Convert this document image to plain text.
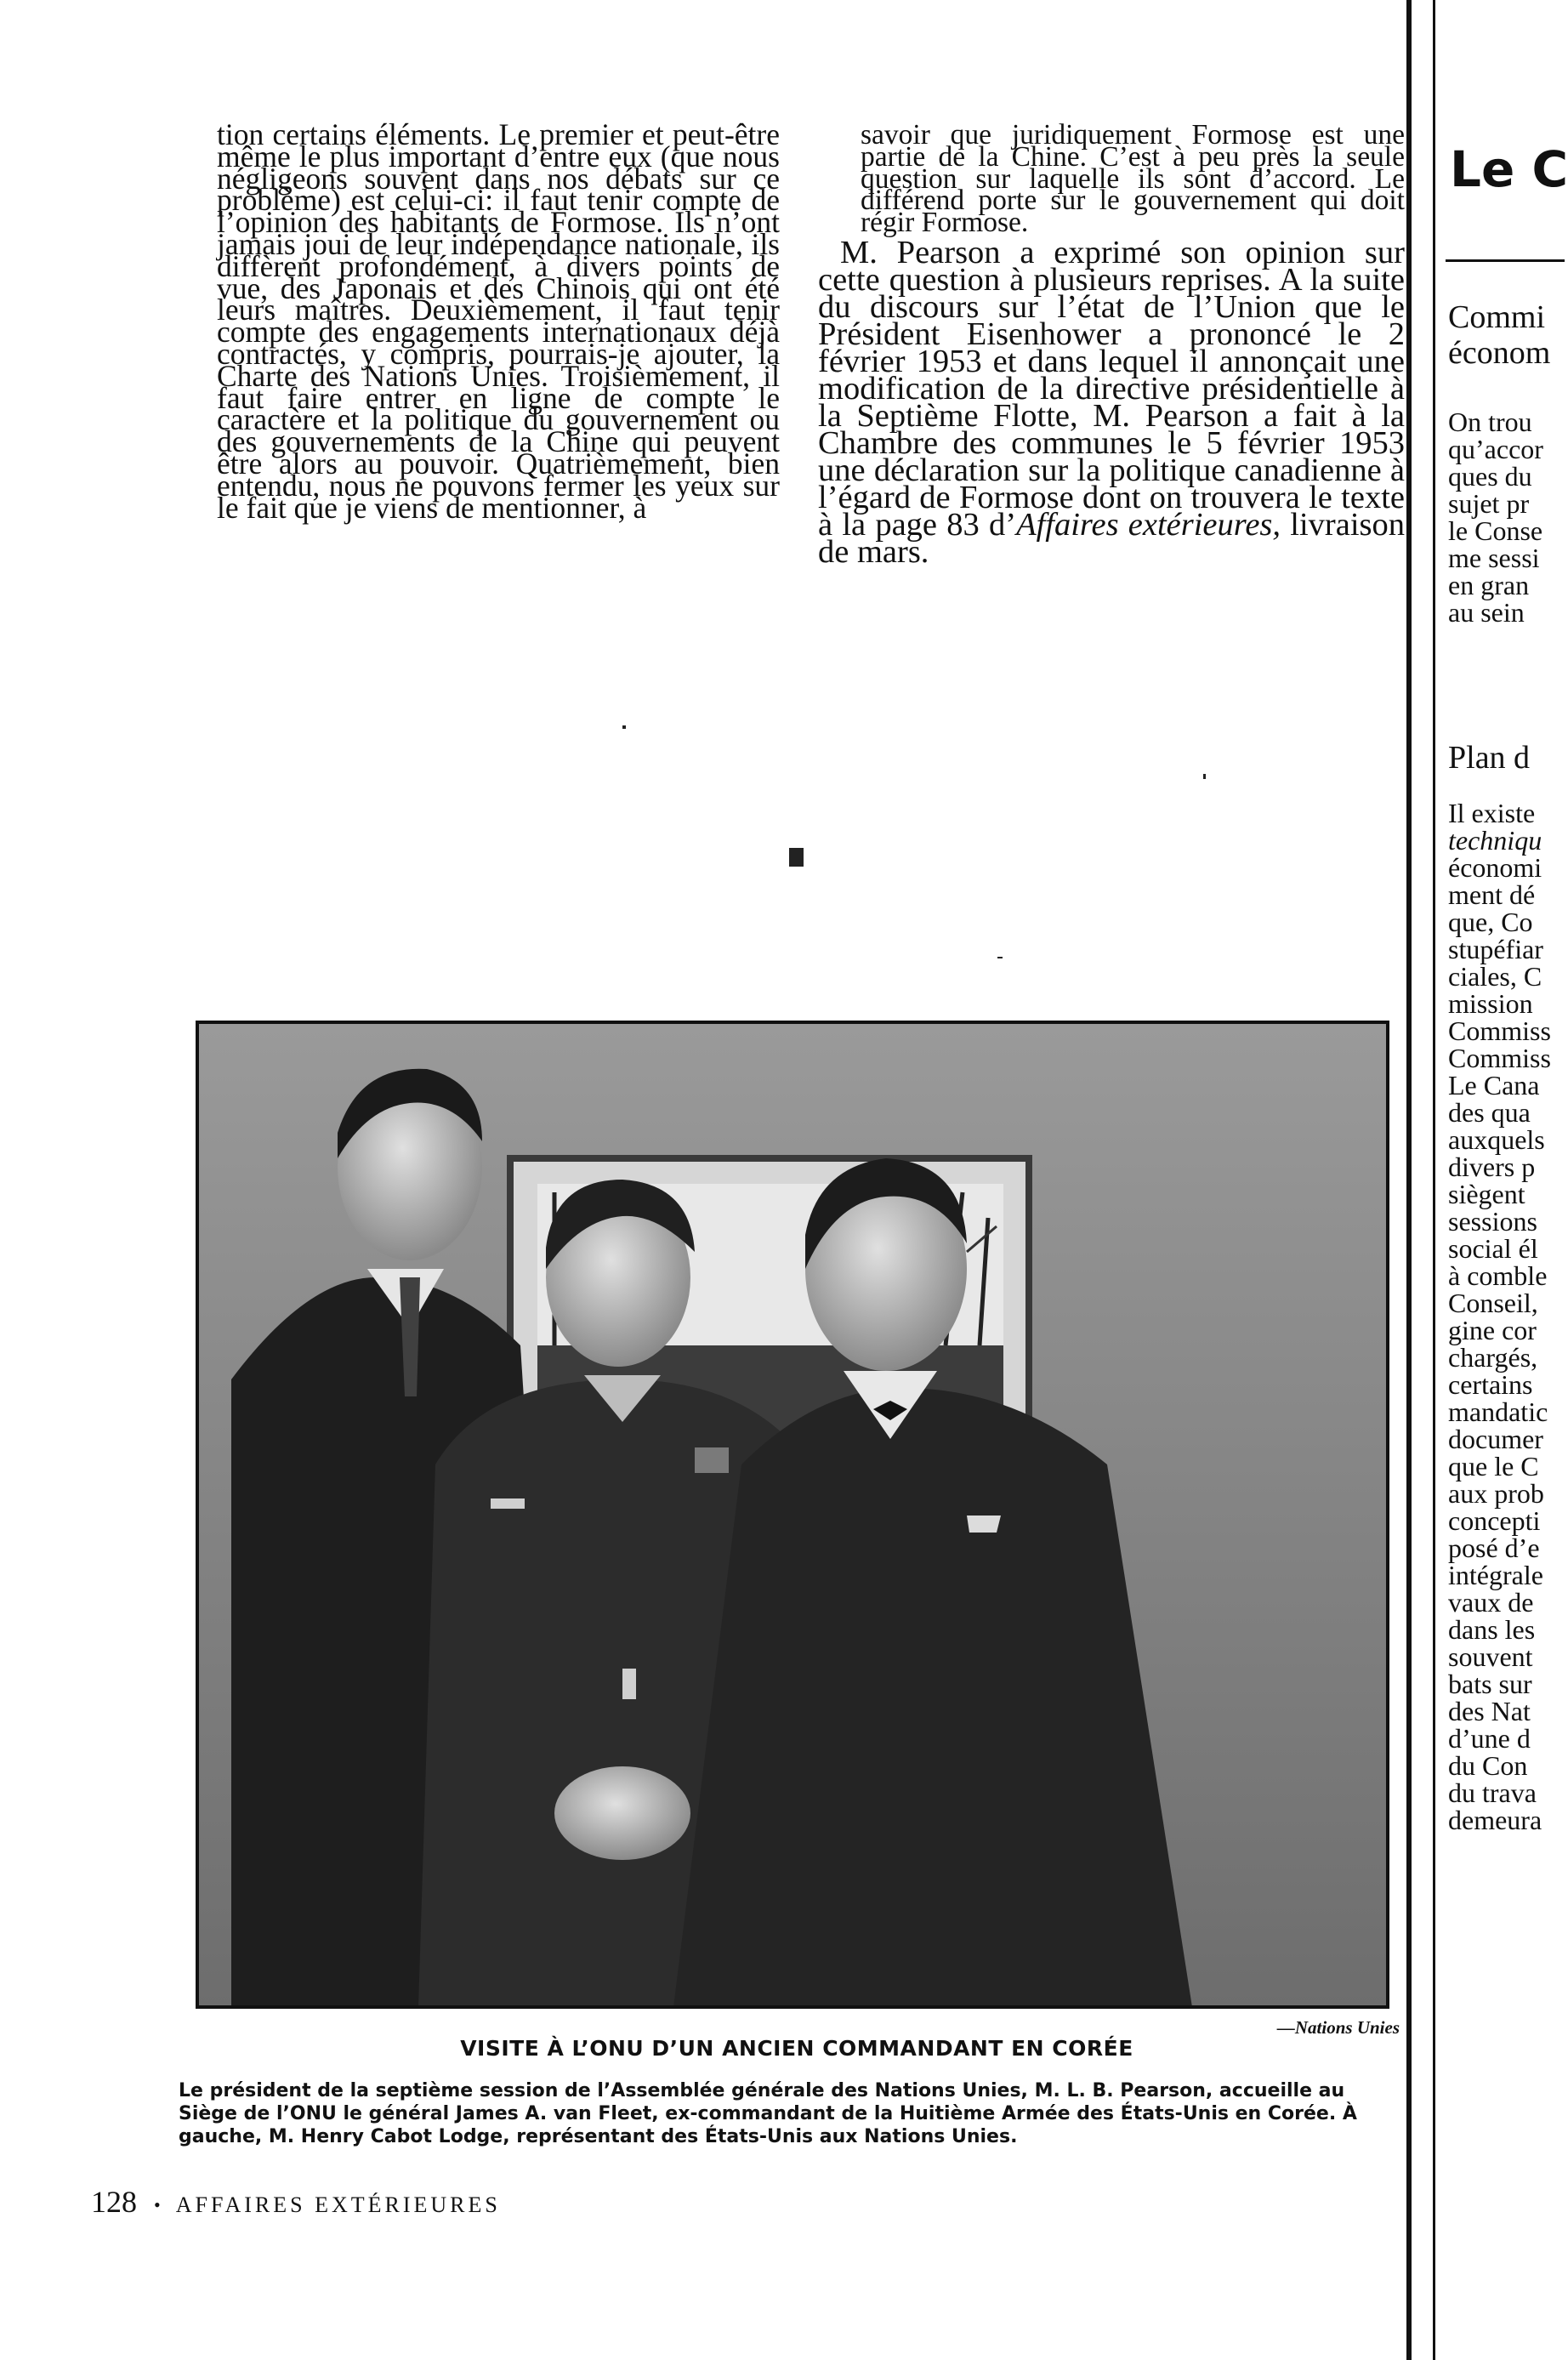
tion certains éléments. Le premier et peut-être même le plus important d’entre eux (que nous négligeons souvent dans nos débats sur ce problème) est celui-ci: il faut tenir compte de l’opinion des habitants de Formose. Ils n’ont jamais joui de leur indépendance nationale, ils diffèrent profondément, à divers points de vue, des Japonais et des Chinois qui ont été leurs maîtres. Deuxièmement, il faut tenir compte des engagements internationaux déjà contractés, y compris, pourrais-je ajouter, la Charte des Nations Unies. Troisièmement, il faut faire entrer en ligne de compte le caractère et la politique du gouvernement ou des gouvernements de la Chine qui peuvent être alors au pouvoir. Quatrièmement, bien entendu, nous ne pouvons fermer les yeux sur le fait que je viens de mentionner, à

savoir que juridiquement Formose est une partie de la Chine. C’est à peu près la seule question sur laquelle ils sont d’accord. Le différend porte sur le gouvernement qui doit régir Formose.

M. Pearson a exprimé son opinion sur cette question à plusieurs reprises. A la suite du discours sur l’état de l’Union que le Président Eisenhower a prononcé le 2 février 1953 et dans lequel il annonçait une modification de la directive présidentielle à la Septième Flotte, M. Pearson a fait à la Chambre des communes le 5 février 1953 une déclaration sur la politique canadienne à l’égard de Formose dont on trouvera le texte à la page 83 d’Affaires extérieures, livraison de mars.

—Nations Unies
VISITE À L’ONU D’UN ANCIEN COMMANDANT EN CORÉE
Le président de la septième session de l’Assemblée générale des Nations Unies, M. L. B. Pearson, accueille au Siège de l’ONU le général James A. van Fleet, ex-commandant de la Huitième Armée des États-Unis en Corée. À gauche, M. Henry Cabot Lodge, représentant des États-Unis aux Nations Unies.
128 • AFFAIRES EXTÉRIEURES
Le C
Commi
économ
On trou
qu’accor
ques du
sujet pr
le Conse
me sessi
en gran
au sein
Plan d
Il existe
techniqu
économi
ment dé
que, Co
stupéfiar
ciales, C
mission
Commiss
Commiss
Le Cana
des qua
auxquels
divers p
siègent
sessions
social él
à comble
Conseil,
gine cor
chargés,
certains
mandatic
documer
que le C
aux prob
concepti
posé d’e
intégrale
vaux de
dans les
souvent
bats sur
des Nat
d’une d
du Con
du trava
demeura
